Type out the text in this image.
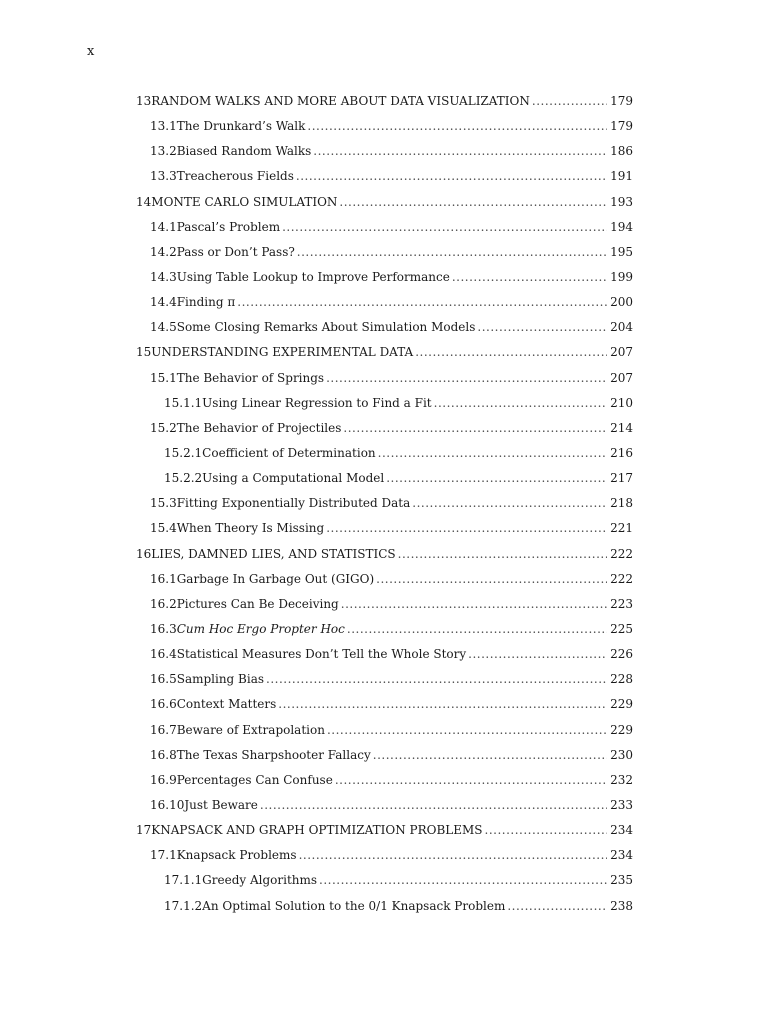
x
13 RANDOM WALKS AND MORE ABOUT DATA VISUALIZATION .....	179
13.1 The Drunkard’s Walk .....	179
13.2 Biased Random Walks .....	186
13.3 Treacherous Fields .....	191
14 MONTE CARLO SIMULATION .....	193
14.1 Pascal’s Problem .....	194
14.2 Pass or Don’t Pass? .....	195
14.3 Using Table Lookup to Improve Performance .....	199
14.4 Finding π .....	200
14.5 Some Closing Remarks About Simulation Models .....	204
15 UNDERSTANDING EXPERIMENTAL DATA .....	207
15.1 The Behavior of Springs .....	207
15.1.1 Using Linear Regression to Find a Fit .....	210
15.2 The Behavior of Projectiles .....	214
15.2.1 Coefficient of Determination .....	216
15.2.2 Using a Computational Model .....	217
15.3 Fitting Exponentially Distributed Data .....	218
15.4 When Theory Is Missing .....	221
16 LIES, DAMNED LIES, AND STATISTICS .....	222
16.1 Garbage In Garbage Out (GIGO) .....	222
16.2 Pictures Can Be Deceiving .....	223
16.3 Cum Hoc Ergo Propter Hoc .....	225
16.4 Statistical Measures Don’t Tell the Whole Story .....	226
16.5 Sampling Bias .....	228
16.6 Context Matters .....	229
16.7 Beware of Extrapolation .....	229
16.8 The Texas Sharpshooter Fallacy .....	230
16.9 Percentages Can Confuse .....	232
16.10 Just Beware .....	233
17 KNAPSACK AND GRAPH OPTIMIZATION PROBLEMS .....	234
17.1 Knapsack Problems .....	234
17.1.1 Greedy Algorithms .....	235
17.1.2 An Optimal Solution to the 0/1 Knapsack Problem .....	238
